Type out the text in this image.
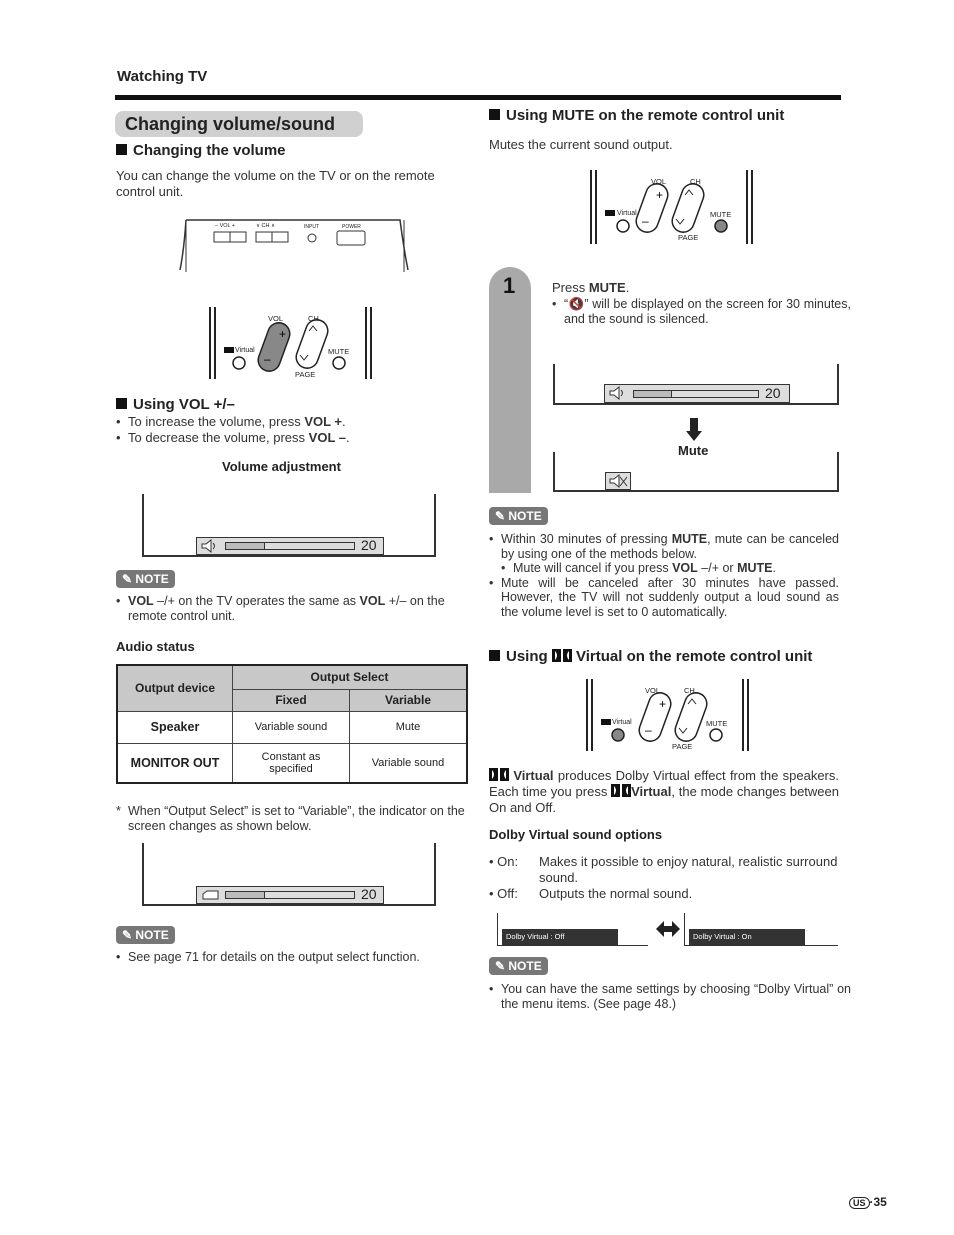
Watching TV
Changing volume/sound
Changing the volume
You can change the volume on the TV or on the remote control unit.
– VOL +	∨ CH ∧	INPUT	POWER
+
–
VOL	CH
Virtual	MUTE
PAGE
Using VOL +/–
• To increase the volume, press VOL +.
• To decrease the volume, press VOL –.
Volume adjustment
20
✎ NOTE
• VOL –/+ on the TV operates the same as VOL +/– on the remote control unit.
Audio status
Output device	Output Select	
	Fixed	Variable
Speaker	Variable sound	Mute
MONITOR OUT	Constant as specified	Variable sound
* When “Output Select” is set to “Variable”, the indicator on the screen changes as shown below.
20
✎ NOTE
• See page 71 for details on the output select function.
Using MUTE on the remote control unit
Mutes the current sound output.
+
–
VOL	CH
Virtual	MUTE
PAGE
1	Press MUTE.
• “🔇” will be displayed on the screen for 30 minutes, and the sound is silenced.
20
Mute
✎ NOTE
• Within 30 minutes of pressing MUTE, mute can be canceled by using one of the methods below.
• Mute will cancel if you press VOL –/+ or MUTE.
• Mute will be canceled after 30 minutes have passed. However, the TV will not suddenly output a loud sound as the volume level is set to 0 automatically.
Using  Virtual on the remote control unit
+
–
VOL	CH
Virtual	MUTE
PAGE
Virtual produces Dolby Virtual effect from the speakers. Each time you press Virtual, the mode changes between On and Off.
Dolby Virtual sound options
• On: Makes it possible to enjoy natural, realistic surround sound.
• Off: Outputs the normal sound.
Dolby Virtual : Off	Dolby Virtual : On
✎ NOTE
• You can have the same settings by choosing “Dolby Virtual” on the menu items. (See page 48.)
US ·35
